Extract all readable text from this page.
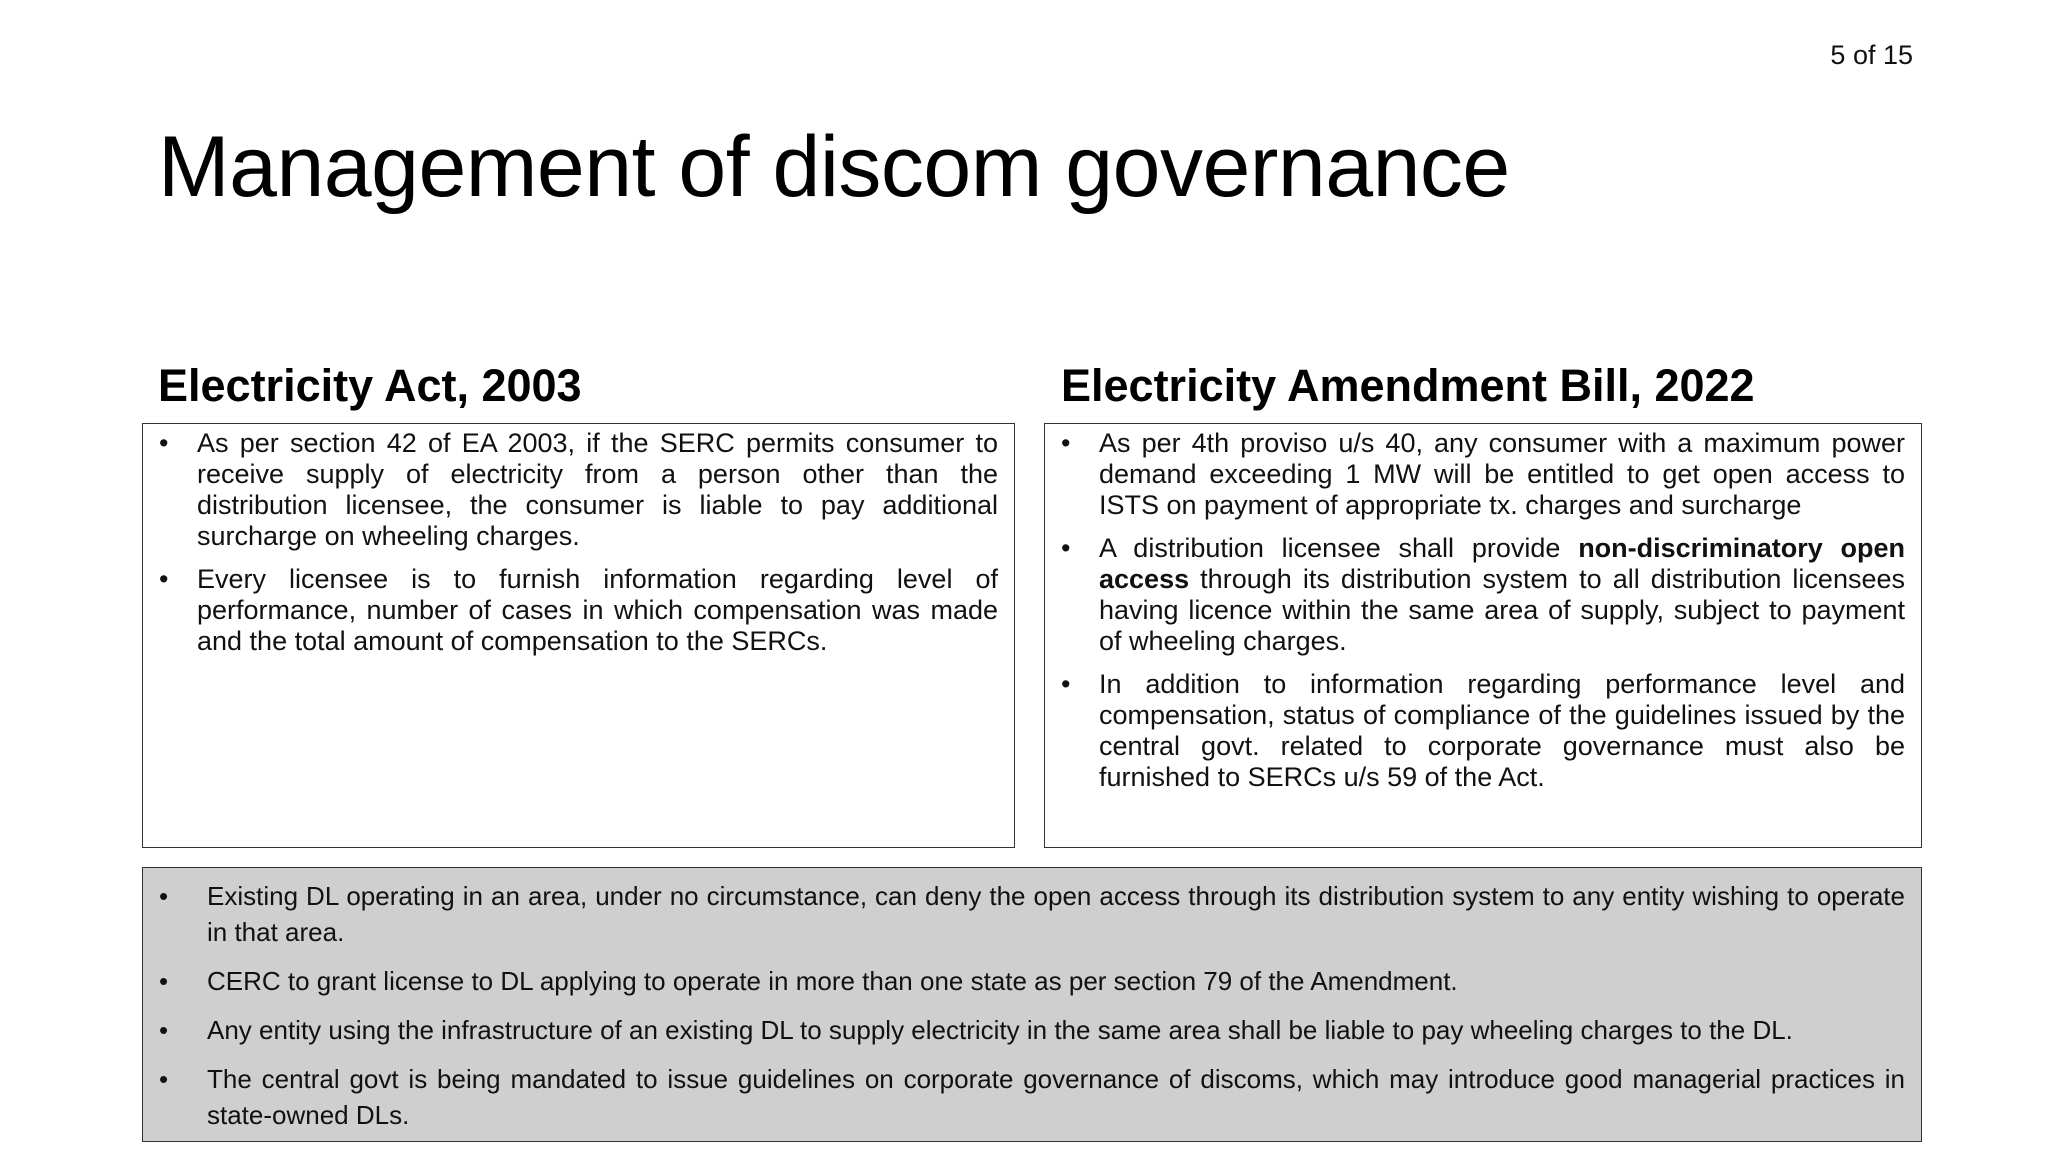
5 of 15
Management of discom governance
Electricity Act, 2003	Electricity Amendment Bill, 2022
• As per section 42 of EA 2003, if the SERC permits consumer to receive supply of electricity from a person other than the distribution licensee, the consumer is liable to pay additional surcharge on wheeling charges.
• Every licensee is to furnish information regarding level of performance, number of cases in which compensation was made and the total amount of compensation to the SERCs.
• As per 4th proviso u/s 40, any consumer with a maximum power demand exceeding 1 MW will be entitled to get open access to ISTS on payment of appropriate tx. charges and surcharge
• A distribution licensee shall provide non-discriminatory open access through its distribution system to all distribution licensees having licence within the same area of supply, subject to payment of wheeling charges.
• In addition to information regarding performance level and compensation, status of compliance of the guidelines issued by the central govt. related to corporate governance must also be furnished to SERCs u/s 59 of the Act.
• Existing DL operating in an area, under no circumstance, can deny the open access through its distribution system to any entity wishing to operate in that area.
• CERC to grant license to DL applying to operate in more than one state as per section 79 of the Amendment.
• Any entity using the infrastructure of an existing DL to supply electricity in the same area shall be liable to pay wheeling charges to the DL.
• The central govt is being mandated to issue guidelines on corporate governance of discoms, which may introduce good managerial practices in state-owned DLs.
